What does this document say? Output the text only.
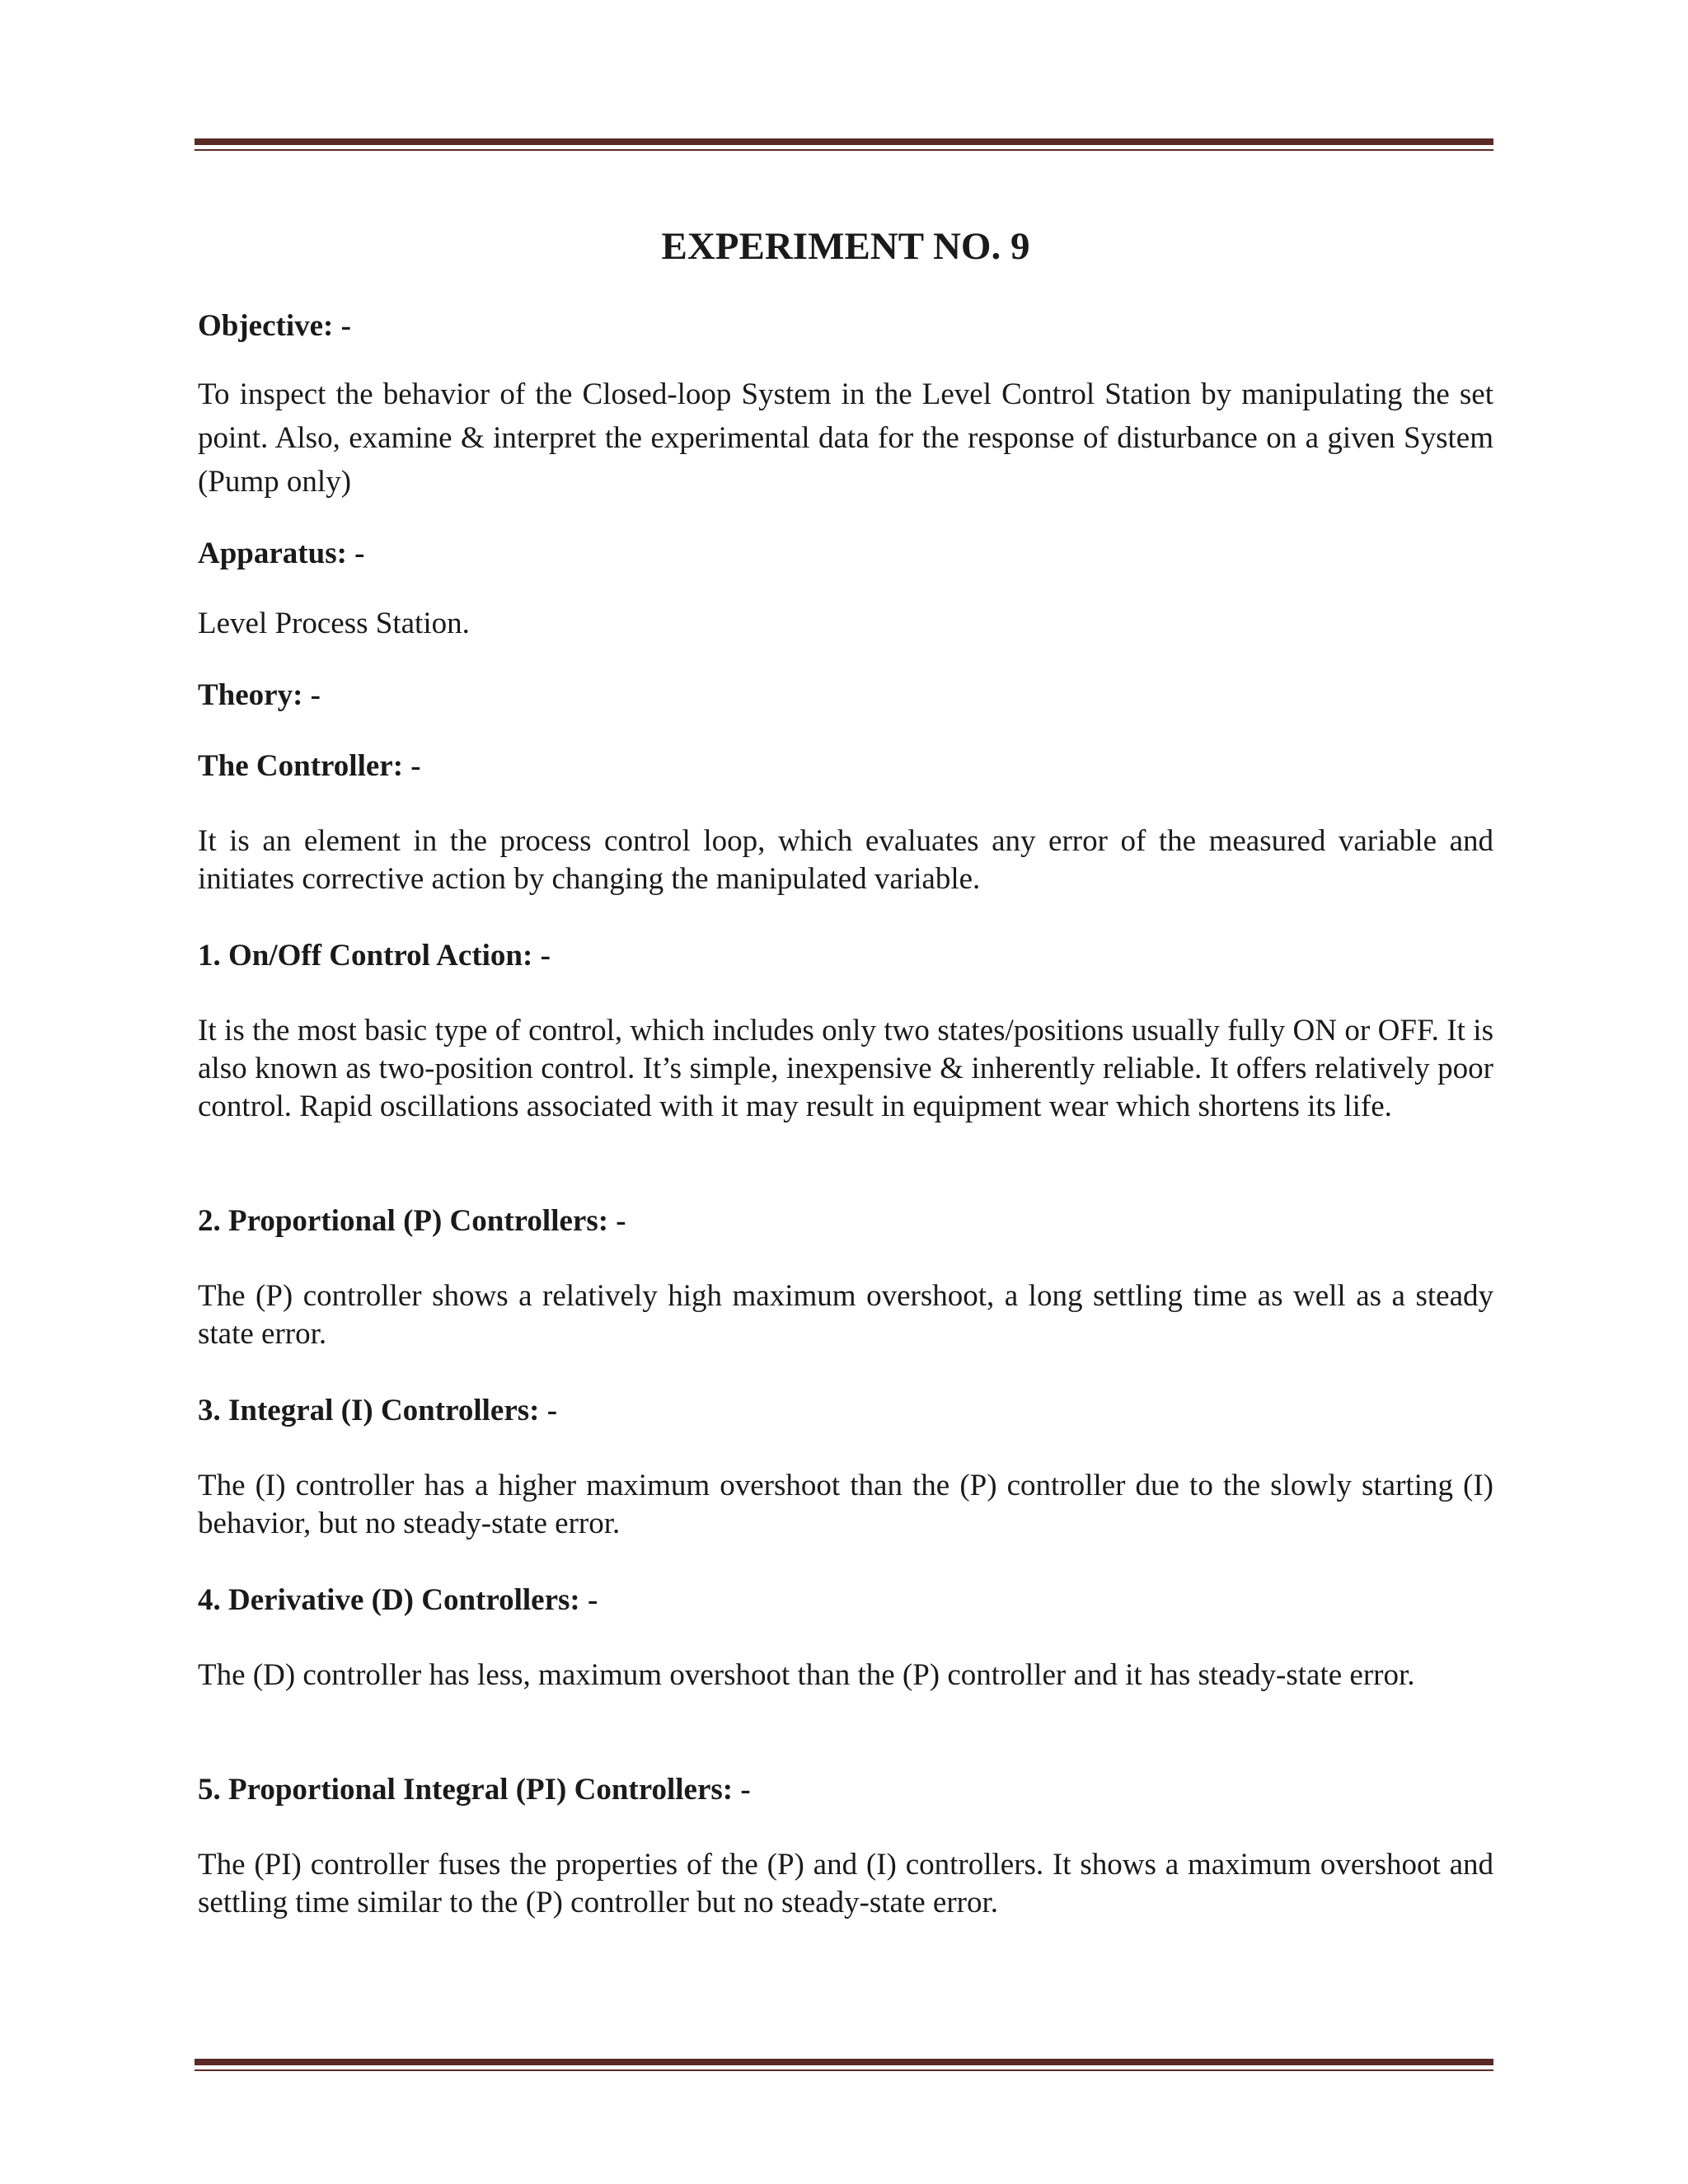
EXPERIMENT NO. 9
Objective: -
To inspect the behavior of the Closed-loop System in the Level Control Station by manipulating the set point. Also, examine & interpret the experimental data for the response of disturbance on a given System (Pump only)
Apparatus: -
Level Process Station.
Theory: -
The Controller: -
It is an element in the process control loop, which evaluates any error of the measured variable and initiates corrective action by changing the manipulated variable.
1. On/Off Control Action: -
It is the most basic type of control, which includes only two states/positions usually fully ON or OFF. It is also known as two-position control. It’s simple, inexpensive & inherently reliable. It offers relatively poor control. Rapid oscillations associated with it may result in equipment wear which shortens its life.
2. Proportional (P) Controllers: -
The (P) controller shows a relatively high maximum overshoot, a long settling time as well as a steady state error.
3. Integral (I) Controllers: -
The (I) controller has a higher maximum overshoot than the (P) controller due to the slowly starting (I) behavior, but no steady-state error.
4. Derivative (D) Controllers: -
The (D) controller has less, maximum overshoot than the (P) controller and it has steady-state error.
5. Proportional Integral (PI) Controllers: -
The (PI) controller fuses the properties of the (P) and (I) controllers. It shows a maximum overshoot and settling time similar to the (P) controller but no steady-state error.
